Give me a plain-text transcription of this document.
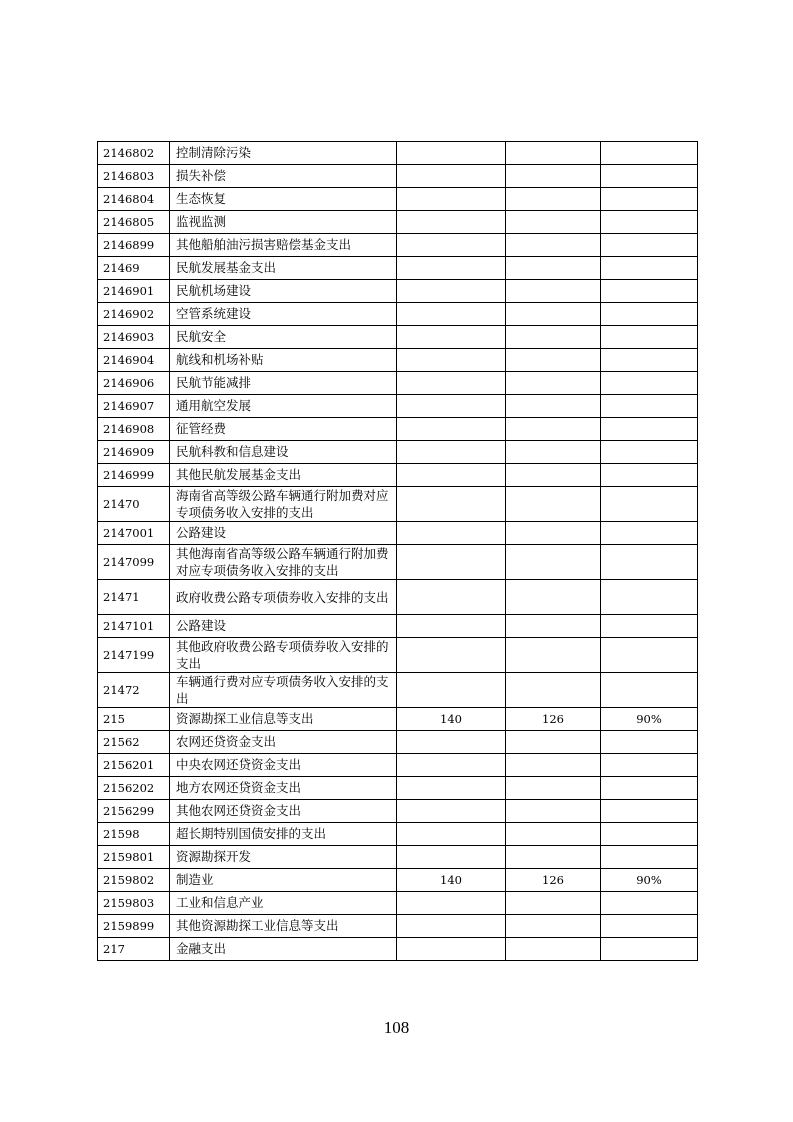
2146802	控制清除污染			
2146803	损失补偿			
2146804	生态恢复			
2146805	监视监测			
2146899	其他船舶油污损害赔偿基金支出			
21469	民航发展基金支出			
2146901	民航机场建设			
2146902	空管系统建设			
2146903	民航安全			
2146904	航线和机场补贴			
2146906	民航节能减排			
2146907	通用航空发展			
2146908	征管经费			
2146909	民航科教和信息建设			
2146999	其他民航发展基金支出			
21470	海南省高等级公路车辆通行附加费对应专项债务收入安排的支出			
2147001	公路建设			
2147099	其他海南省高等级公路车辆通行附加费对应专项债务收入安排的支出			
21471	政府收费公路专项债券收入安排的支出			
2147101	公路建设			
2147199	其他政府收费公路专项债券收入安排的支出			
21472	车辆通行费对应专项债务收入安排的支出			
215	资源勘探工业信息等支出	140	126	90%
21562	农网还贷资金支出			
2156201	中央农网还贷资金支出			
2156202	地方农网还贷资金支出			
2156299	其他农网还贷资金支出			
21598	超长期特别国债安排的支出			
2159801	资源勘探开发			
2159802	制造业	140	126	90%
2159803	工业和信息产业			
2159899	其他资源勘探工业信息等支出			
217	金融支出			
108
